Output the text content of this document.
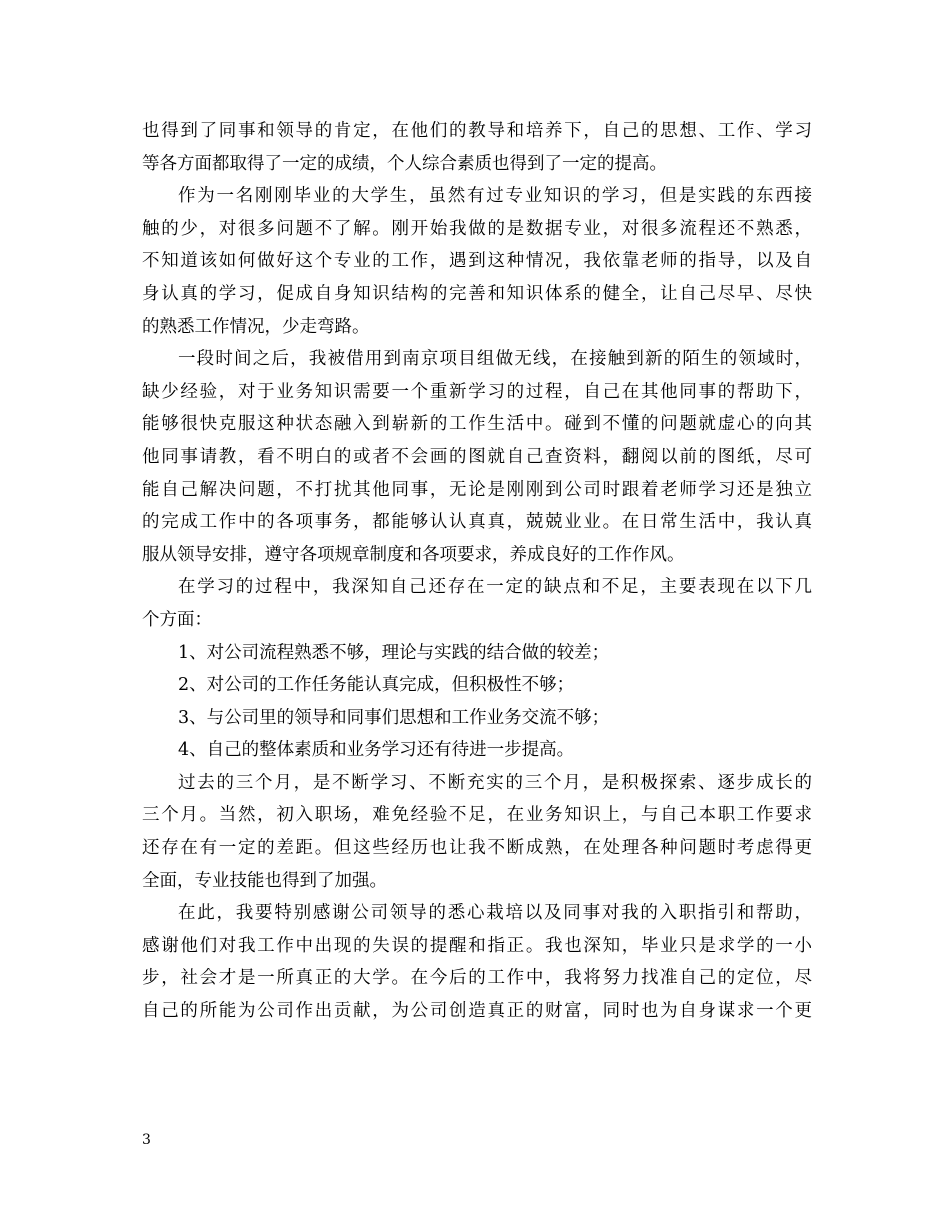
也得到了同事和领导的肯定，在他们的教导和培养下，自己的思想、工作、学习
等各方面都取得了一定的成绩，个人综合素质也得到了一定的提高。
作为一名刚刚毕业的大学生，虽然有过专业知识的学习，但是实践的东西接
触的少，对很多问题不了解。刚开始我做的是数据专业，对很多流程还不熟悉，
不知道该如何做好这个专业的工作，遇到这种情况，我依靠老师的指导，以及自
身认真的学习，促成自身知识结构的完善和知识体系的健全，让自己尽早、尽快
的熟悉工作情况，少走弯路。
一段时间之后，我被借用到南京项目组做无线，在接触到新的陌生的领域时，
缺少经验，对于业务知识需要一个重新学习的过程，自己在其他同事的帮助下，
能够很快克服这种状态融入到崭新的工作生活中。碰到不懂的问题就虚心的向其
他同事请教，看不明白的或者不会画的图就自己查资料，翻阅以前的图纸，尽可
能自己解决问题，不打扰其他同事，无论是刚刚到公司时跟着老师学习还是独立
的完成工作中的各项事务，都能够认认真真，兢兢业业。在日常生活中，我认真
服从领导安排，遵守各项规章制度和各项要求，养成良好的工作作风。
在学习的过程中，我深知自己还存在一定的缺点和不足，主要表现在以下几
个方面：
1、对公司流程熟悉不够，理论与实践的结合做的较差；
2、对公司的工作任务能认真完成，但积极性不够；
3、与公司里的领导和同事们思想和工作业务交流不够；
4、自己的整体素质和业务学习还有待进一步提高。
过去的三个月，是不断学习、不断充实的三个月，是积极探索、逐步成长的
三个月。当然，初入职场，难免经验不足，在业务知识上，与自己本职工作要求
还存在有一定的差距。但这些经历也让我不断成熟，在处理各种问题时考虑得更
全面，专业技能也得到了加强。
在此，我要特别感谢公司领导的悉心栽培以及同事对我的入职指引和帮助，
感谢他们对我工作中出现的失误的提醒和指正。我也深知，毕业只是求学的一小
步，社会才是一所真正的大学。在今后的工作中，我将努力找准自己的定位，尽
自己的所能为公司作出贡献，为公司创造真正的财富，同时也为自身谋求一个更
3
